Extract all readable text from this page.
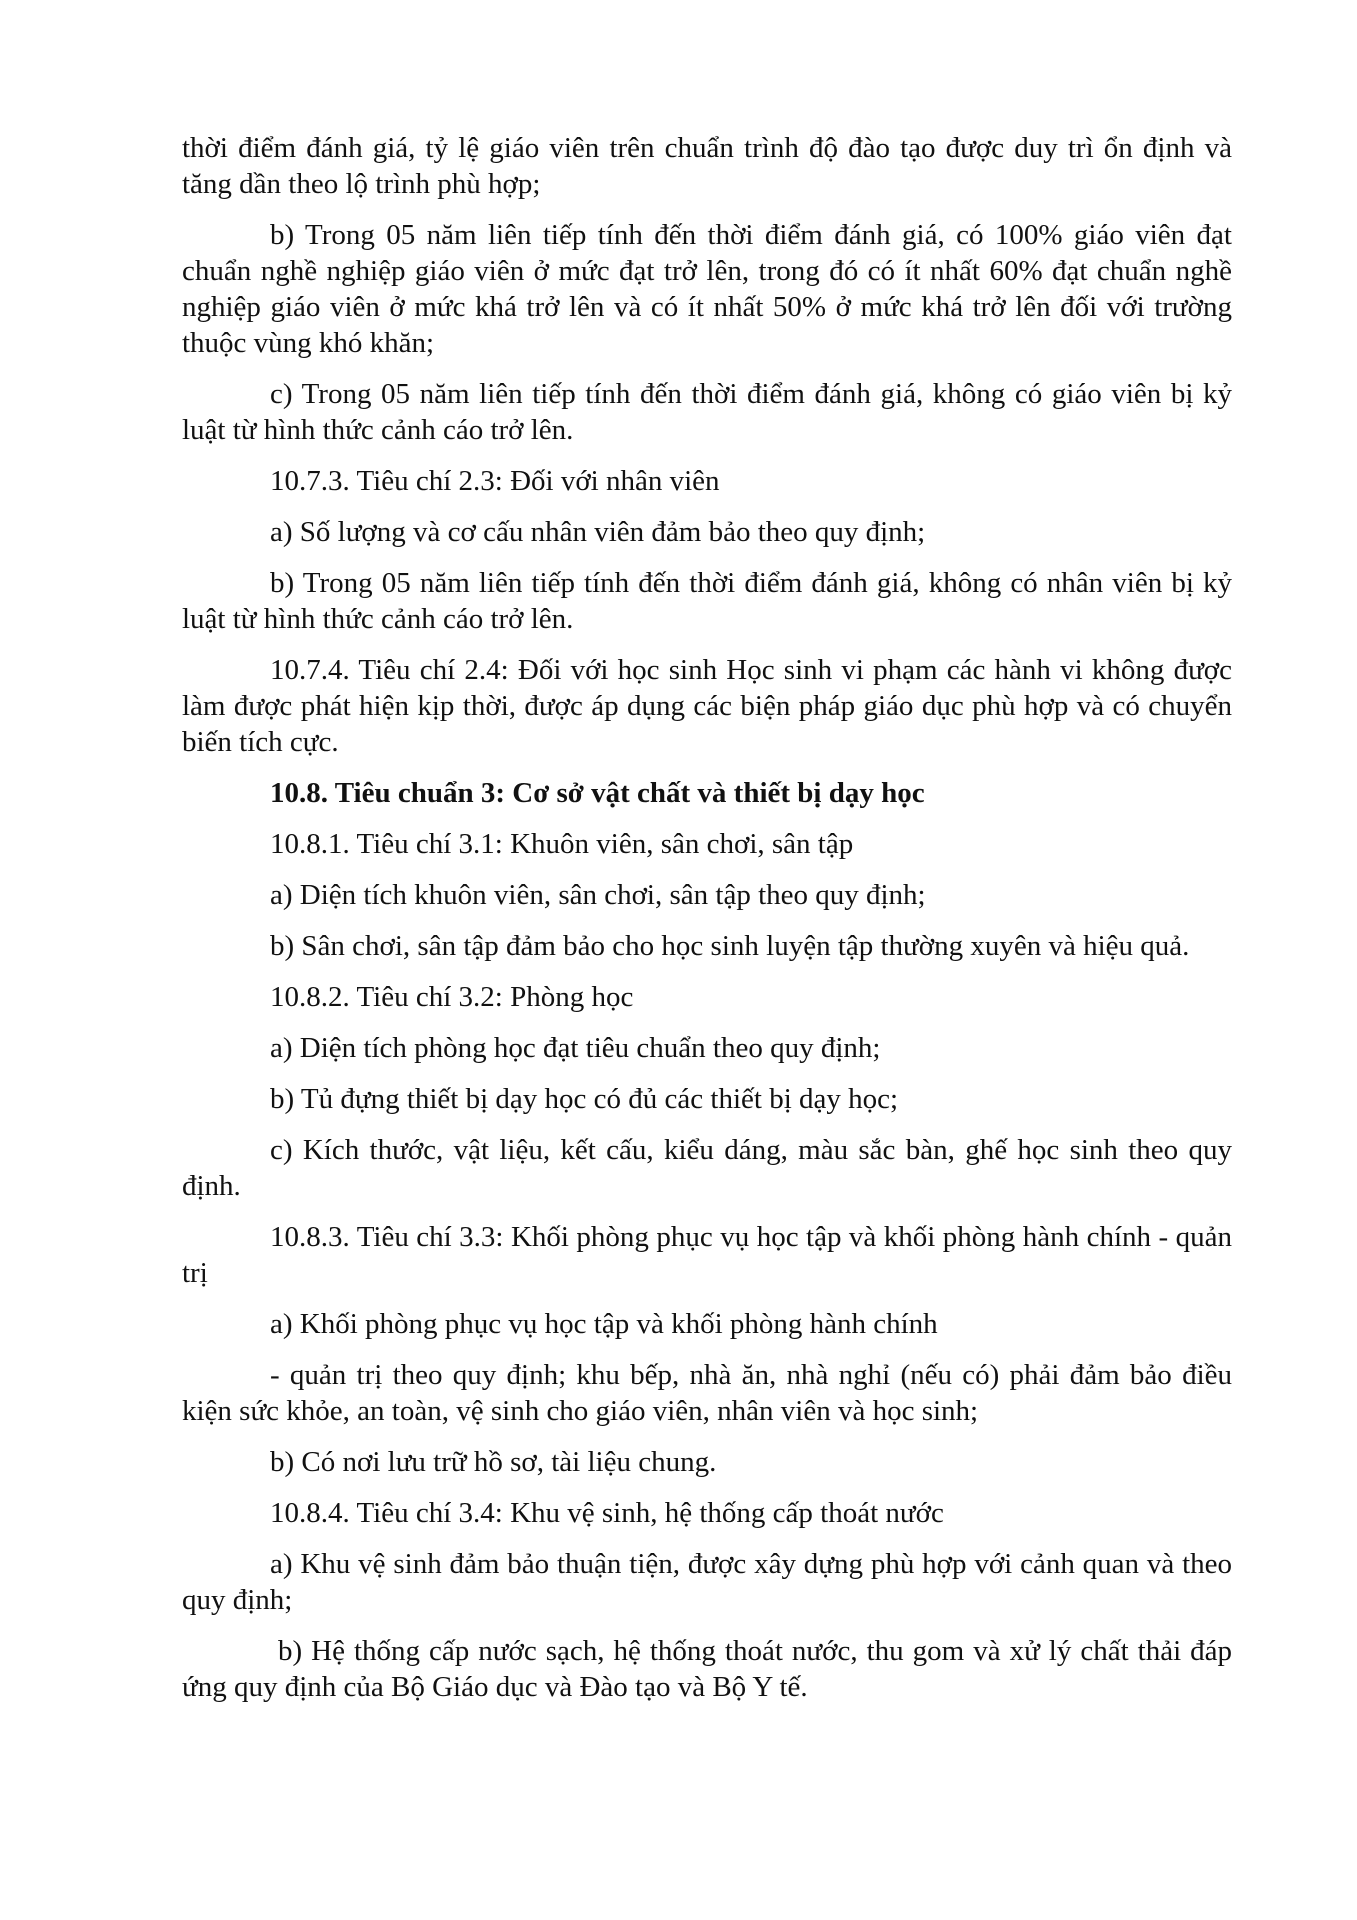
thời điểm đánh giá, tỷ lệ giáo viên trên chuẩn trình độ đào tạo được duy trì ổn định và tăng dần theo lộ trình phù hợp;

b) Trong 05 năm liên tiếp tính đến thời điểm đánh giá, có 100% giáo viên đạt chuẩn nghề nghiệp giáo viên ở mức đạt trở lên, trong đó có ít nhất 60% đạt chuẩn nghề nghiệp giáo viên ở mức khá trở lên và có ít nhất 50% ở mức khá trở lên đối với trường thuộc vùng khó khăn;

c) Trong 05 năm liên tiếp tính đến thời điểm đánh giá, không có giáo viên bị kỷ luật từ hình thức cảnh cáo trở lên.

10.7.3. Tiêu chí 2.3: Đối với nhân viên

a) Số lượng và cơ cấu nhân viên đảm bảo theo quy định;

b) Trong 05 năm liên tiếp tính đến thời điểm đánh giá, không có nhân viên bị kỷ luật từ hình thức cảnh cáo trở lên.

10.7.4. Tiêu chí 2.4: Đối với học sinh Học sinh vi phạm các hành vi không được làm được phát hiện kịp thời, được áp dụng các biện pháp giáo dục phù hợp và có chuyển biến tích cực.

10.8. Tiêu chuẩn 3: Cơ sở vật chất và thiết bị dạy học

10.8.1. Tiêu chí 3.1: Khuôn viên, sân chơi, sân tập

a) Diện tích khuôn viên, sân chơi, sân tập theo quy định;

b) Sân chơi, sân tập đảm bảo cho học sinh luyện tập thường xuyên và hiệu quả.

10.8.2. Tiêu chí 3.2: Phòng học

a) Diện tích phòng học đạt tiêu chuẩn theo quy định;

b) Tủ đựng thiết bị dạy học có đủ các thiết bị dạy học;

c) Kích thước, vật liệu, kết cấu, kiểu dáng, màu sắc bàn, ghế học sinh theo quy định.

10.8.3. Tiêu chí 3.3: Khối phòng phục vụ học tập và khối phòng hành chính - quản trị

a) Khối phòng phục vụ học tập và khối phòng hành chính

- quản trị theo quy định; khu bếp, nhà ăn, nhà nghỉ (nếu có) phải đảm bảo điều kiện sức khỏe, an toàn, vệ sinh cho giáo viên, nhân viên và học sinh;

b) Có nơi lưu trữ hồ sơ, tài liệu chung.

10.8.4. Tiêu chí 3.4: Khu vệ sinh, hệ thống cấp thoát nước

a) Khu vệ sinh đảm bảo thuận tiện, được xây dựng phù hợp với cảnh quan và theo quy định;

b) Hệ thống cấp nước sạch, hệ thống thoát nước, thu gom và xử lý chất thải đáp ứng quy định của Bộ Giáo dục và Đào tạo và Bộ Y tế.
